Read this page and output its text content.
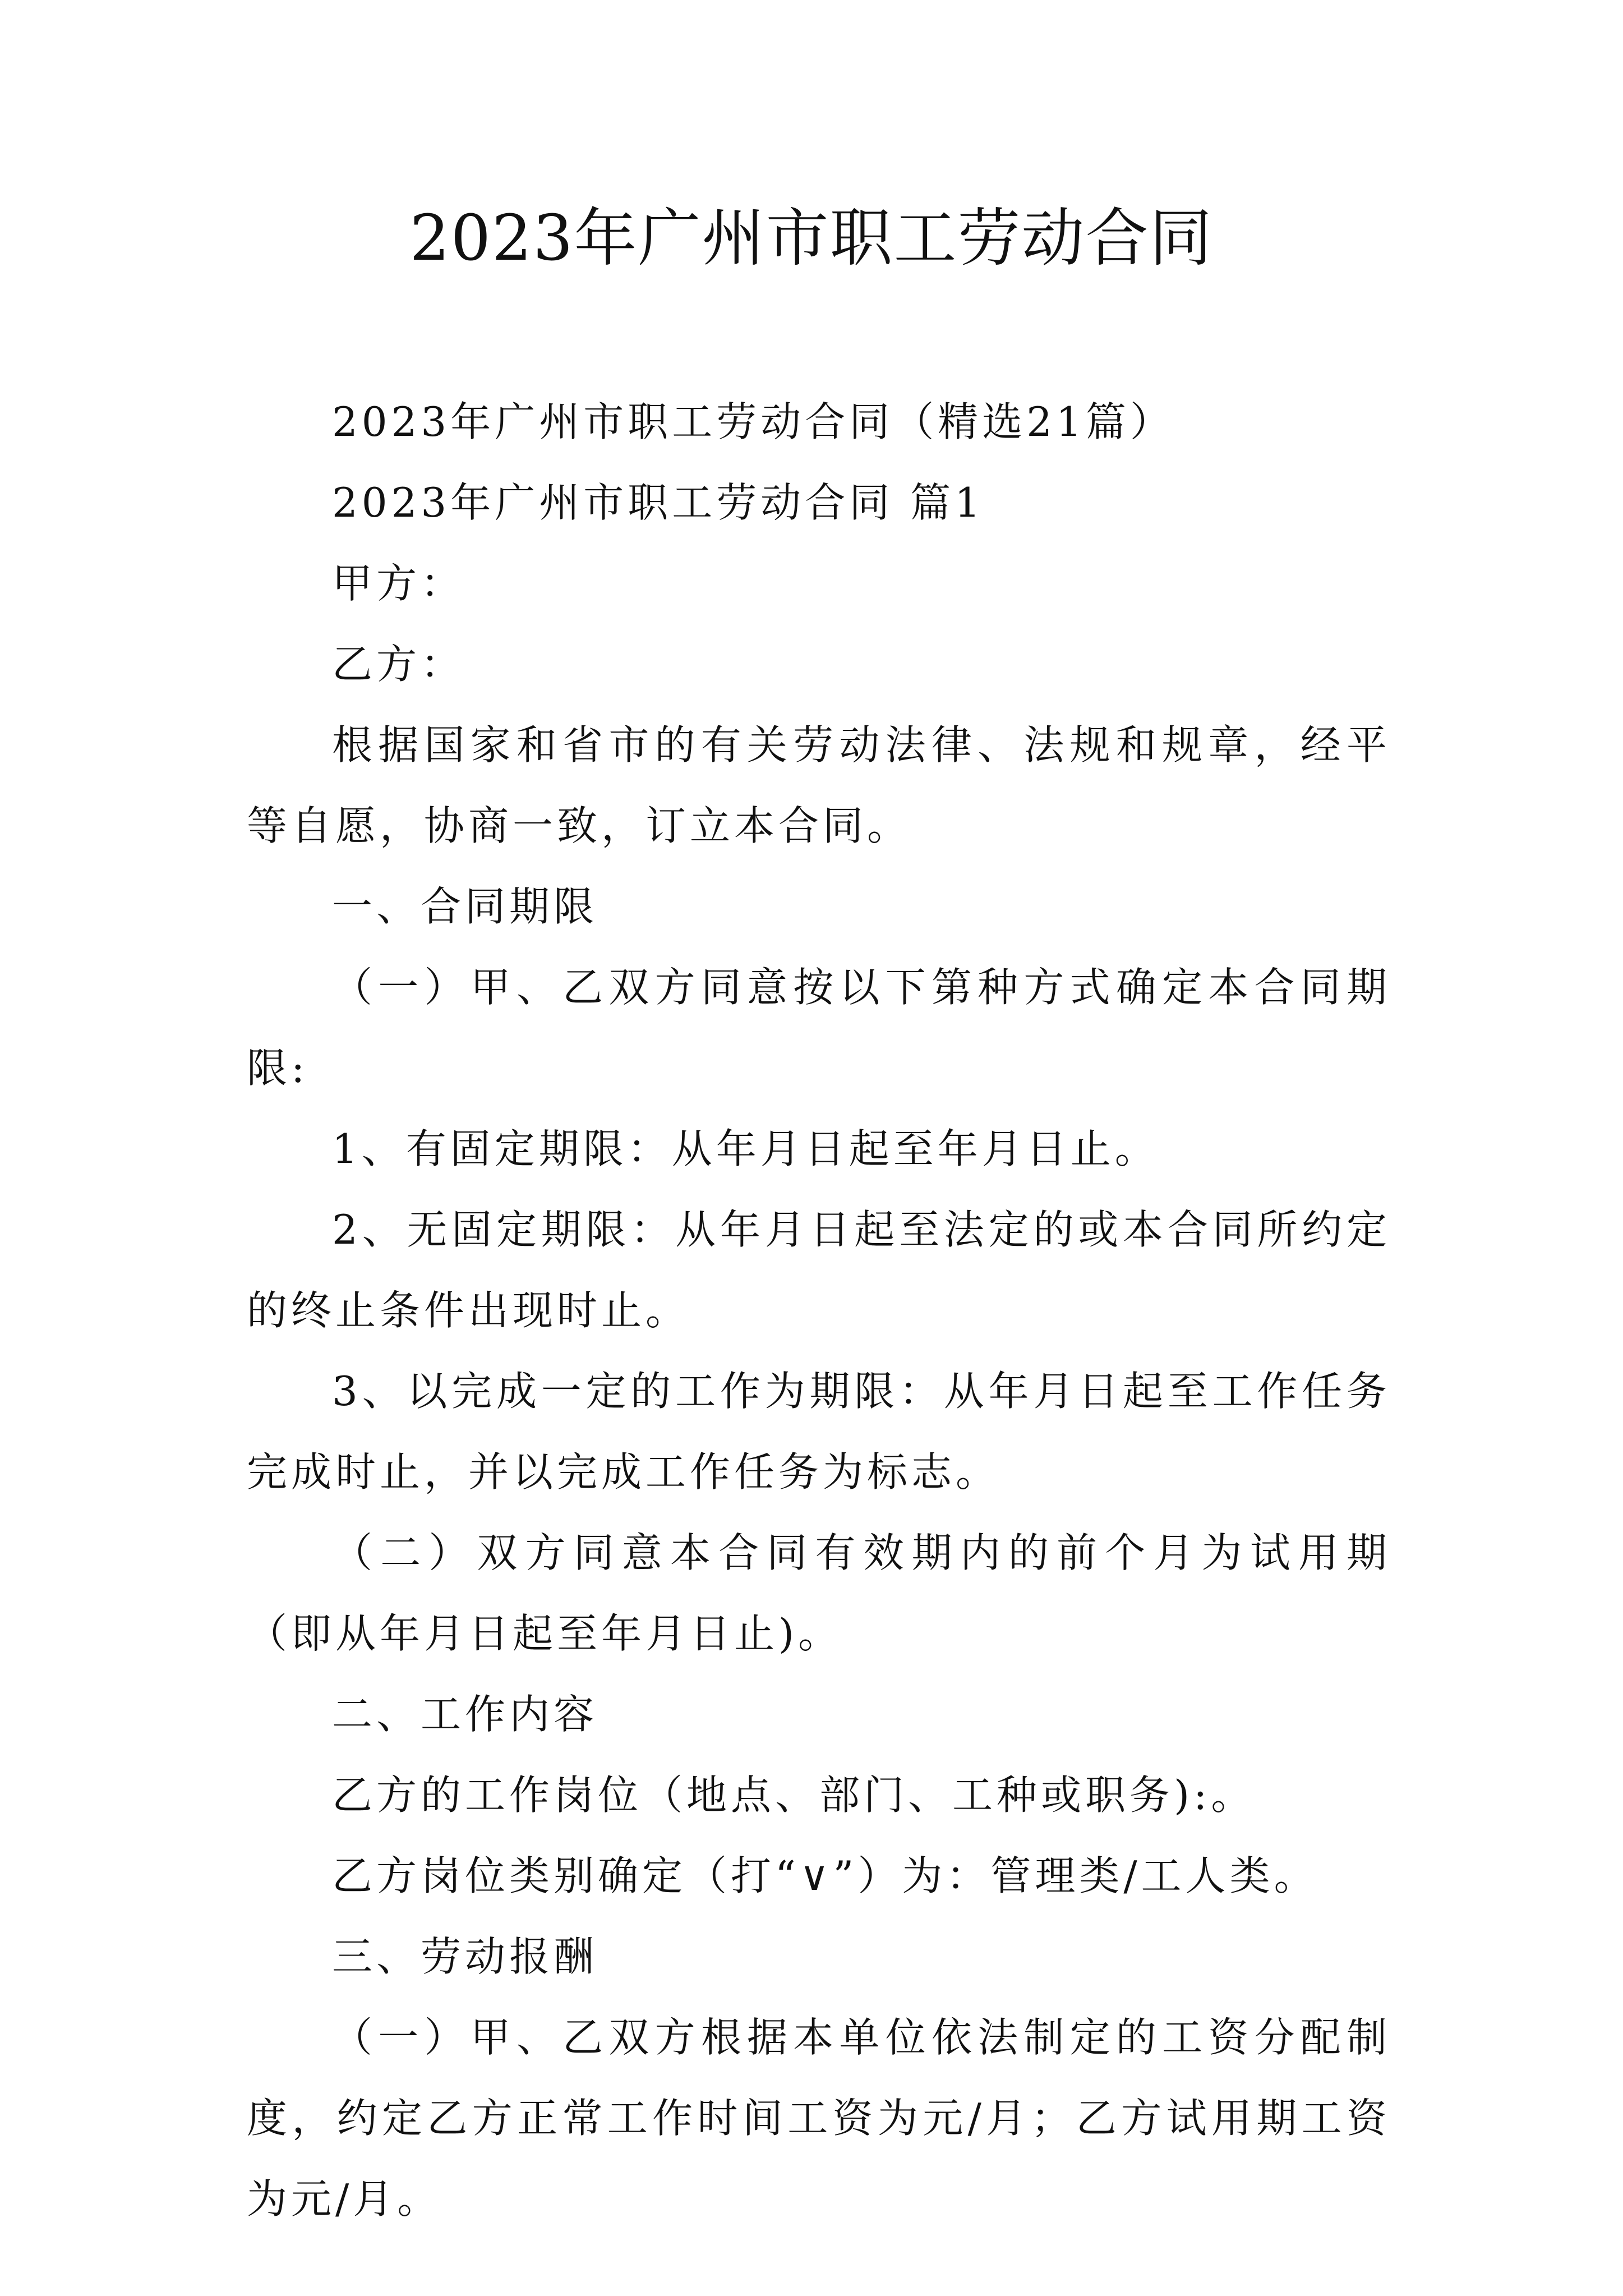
2023年广州市职工劳动合同

2023年广州市职工劳动合同（精选21篇）

2023年广州市职工劳动合同 篇1

甲方：

乙方：

根据国家和省市的有关劳动法律、法规和规章，经平等自愿，协商一致，订立本合同。

一、合同期限

（一）甲、乙双方同意按以下第种方式确定本合同期限:

1、有固定期限：从年月日起至年月日止。

2、无固定期限：从年月日起至法定的或本合同所约定的终止条件出现时止。

3、以完成一定的工作为期限：从年月日起至工作任务完成时止，并以完成工作任务为标志。

（二）双方同意本合同有效期内的前个月为试用期（即从年月日起至年月日止)。

二、工作内容

乙方的工作岗位（地点、部门、工种或职务):。

乙方岗位类别确定（打“∨”）为：管理类/工人类。

三、劳动报酬

（一）甲、乙双方根据本单位依法制定的工资分配制度，约定乙方正常工作时间工资为元/月；乙方试用期工资为元/月。
